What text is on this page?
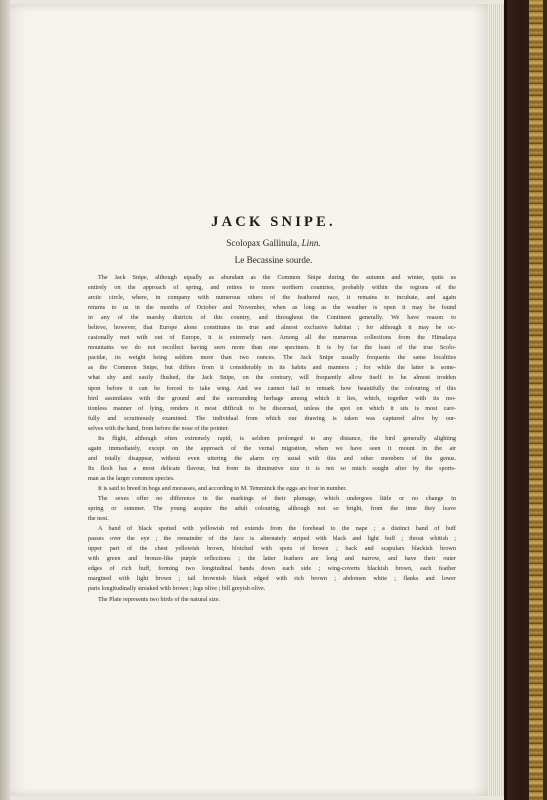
JACK SNIPE.
Scolopax Gallinula, Linn.
Le Becassine sourde.
The Jack Snipe, although equally as abundant as the Common Snipe during the autumn and winter, quits us
entirely on the approach of spring, and retires to more northern countries, probably within the regions of the
arctic circle, where, in company with numerous others of the feathered race, it remains to incubate, and again
returns to us in the months of October and November, when as long as the weather is open it may be found
in any of the marshy districts of this country, and throughout the Continent generally. We have reason to
believe, however, that Europe alone constitutes its true and almost exclusive habitat ; for although it may be oc-
casionally met with out of Europe, it is extremely rare. Among all the numerous collections from the Himalaya
mountains we do not recollect having seen more than one specimen. It is by far the least of the true Scolo-
pacidæ, its weight being seldom more than two ounces. The Jack Snipe usually frequents the same localities
as the Common Snipe, but differs from it considerably in its habits and manners ; for while the latter is some-
what shy and easily flushed, the Jack Snipe, on the contrary, will frequently allow itself to be almost trodden
upon before it can be forced to take wing. And we cannot fail to remark how beautifully the colouring of this
bird assimilates with the ground and the surrounding herbage among which it lies, which, together with its mo-
tionless manner of lying, renders it most difficult to be discerned, unless the spot on which it sits is most care-
fully and scrutinously examined. The individual from which our drawing is taken was captured alive by our-
selves with the hand, from before the nose of the pointer.
Its flight, although often extremely rapid, is seldom prolonged to any distance, the bird generally alighting
again immediately, except on the approach of the vernal migration, when we have seen it mount in the air
and totally disappear, without even uttering the alarm cry usual with this and other members of the genus.
Its flesh has a most delicate flavour, but from its diminutive size it is not so much sought after by the sports-
man as the larger common species.
It is said to breed in bogs and morasses, and according to M. Temminck the eggs are four in number.
The sexes offer no difference in the markings of their plumage, which undergoes little or no change in
spring or summer. The young acquire the adult colouring, although not so bright, from the time they leave
the nest.
A band of black spotted with yellowish red extends from the forehead to the nape ; a distinct band of buff
passes over the eye ; the remainder of the face is alternately striped with black and light buff ; throat whitish ;
upper part of the chest yellowish brown, blotched with spots of brown ; back and scapulars blackish brown
with green and bronze-like purple reflections ; the latter feathers are long and narrow, and have their outer
edges of rich buff, forming two longitudinal bands down each side ; wing-coverts blackish brown, each feather
margined with light brown ; tail brownish black edged with rich brown ; abdomen white ; flanks and lower
parts longitudinally streaked with brown ; legs olive ; bill greyish olive.
The Plate represents two birds of the natural size.
